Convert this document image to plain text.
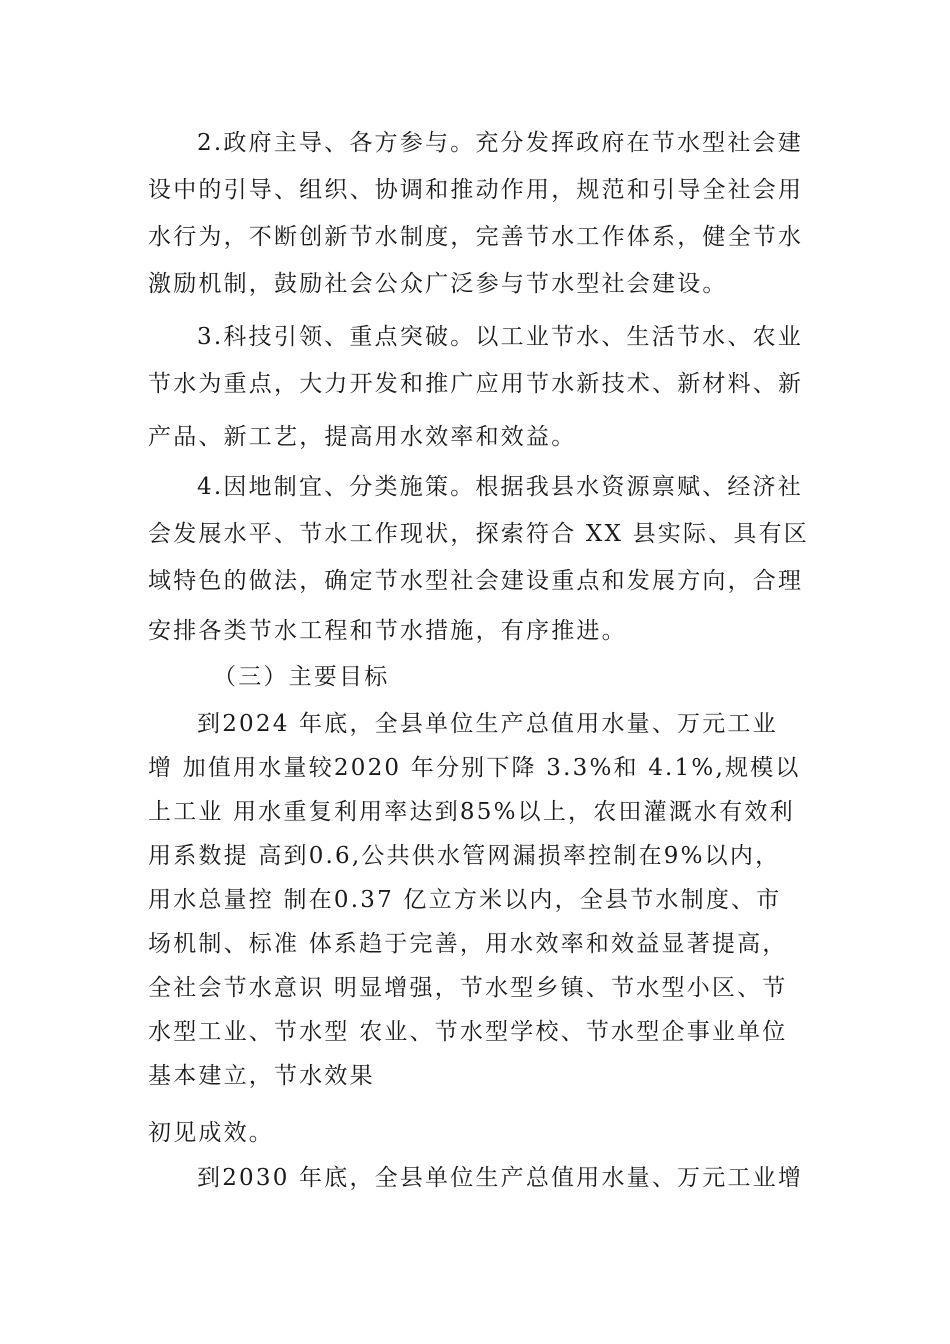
2.政府主导、各方参与。充分发挥政府在节水型社会建
设中的引导、组织、协调和推动作用，规范和引导全社会用
水行为，不断创新节水制度，完善节水工作体系，健全节水
激励机制，鼓励社会公众广泛参与节水型社会建设。
3.科技引领、重点突破。以工业节水、生活节水、农业
节水为重点，大力开发和推广应用节水新技术、新材料、新
产品、新工艺，提高用水效率和效益。
4.因地制宜、分类施策。根据我县水资源禀赋、经济社
会发展水平、节水工作现状，探索符合 XX 县实际、具有区
域特色的做法，确定节水型社会建设重点和发展方向，合理
安排各类节水工程和节水措施，有序推进。
（三）主要目标
到2024 年底，全县单位生产总值用水量、万元工业
增 加值用水量较2020 年分别下降 3.3%和 4.1%,规模以
上工业 用水重复利用率达到85%以上，农田灌溉水有效利
用系数提 高到0.6,公共供水管网漏损率控制在9%以内，
用水总量控 制在0.37 亿立方米以内，全县节水制度、市
场机制、标准 体系趋于完善，用水效率和效益显著提高，
全社会节水意识 明显增强，节水型乡镇、节水型小区、节
水型工业、节水型 农业、节水型学校、节水型企事业单位
基本建立，节水效果
初见成效。
到2030 年底，全县单位生产总值用水量、万元工业增
